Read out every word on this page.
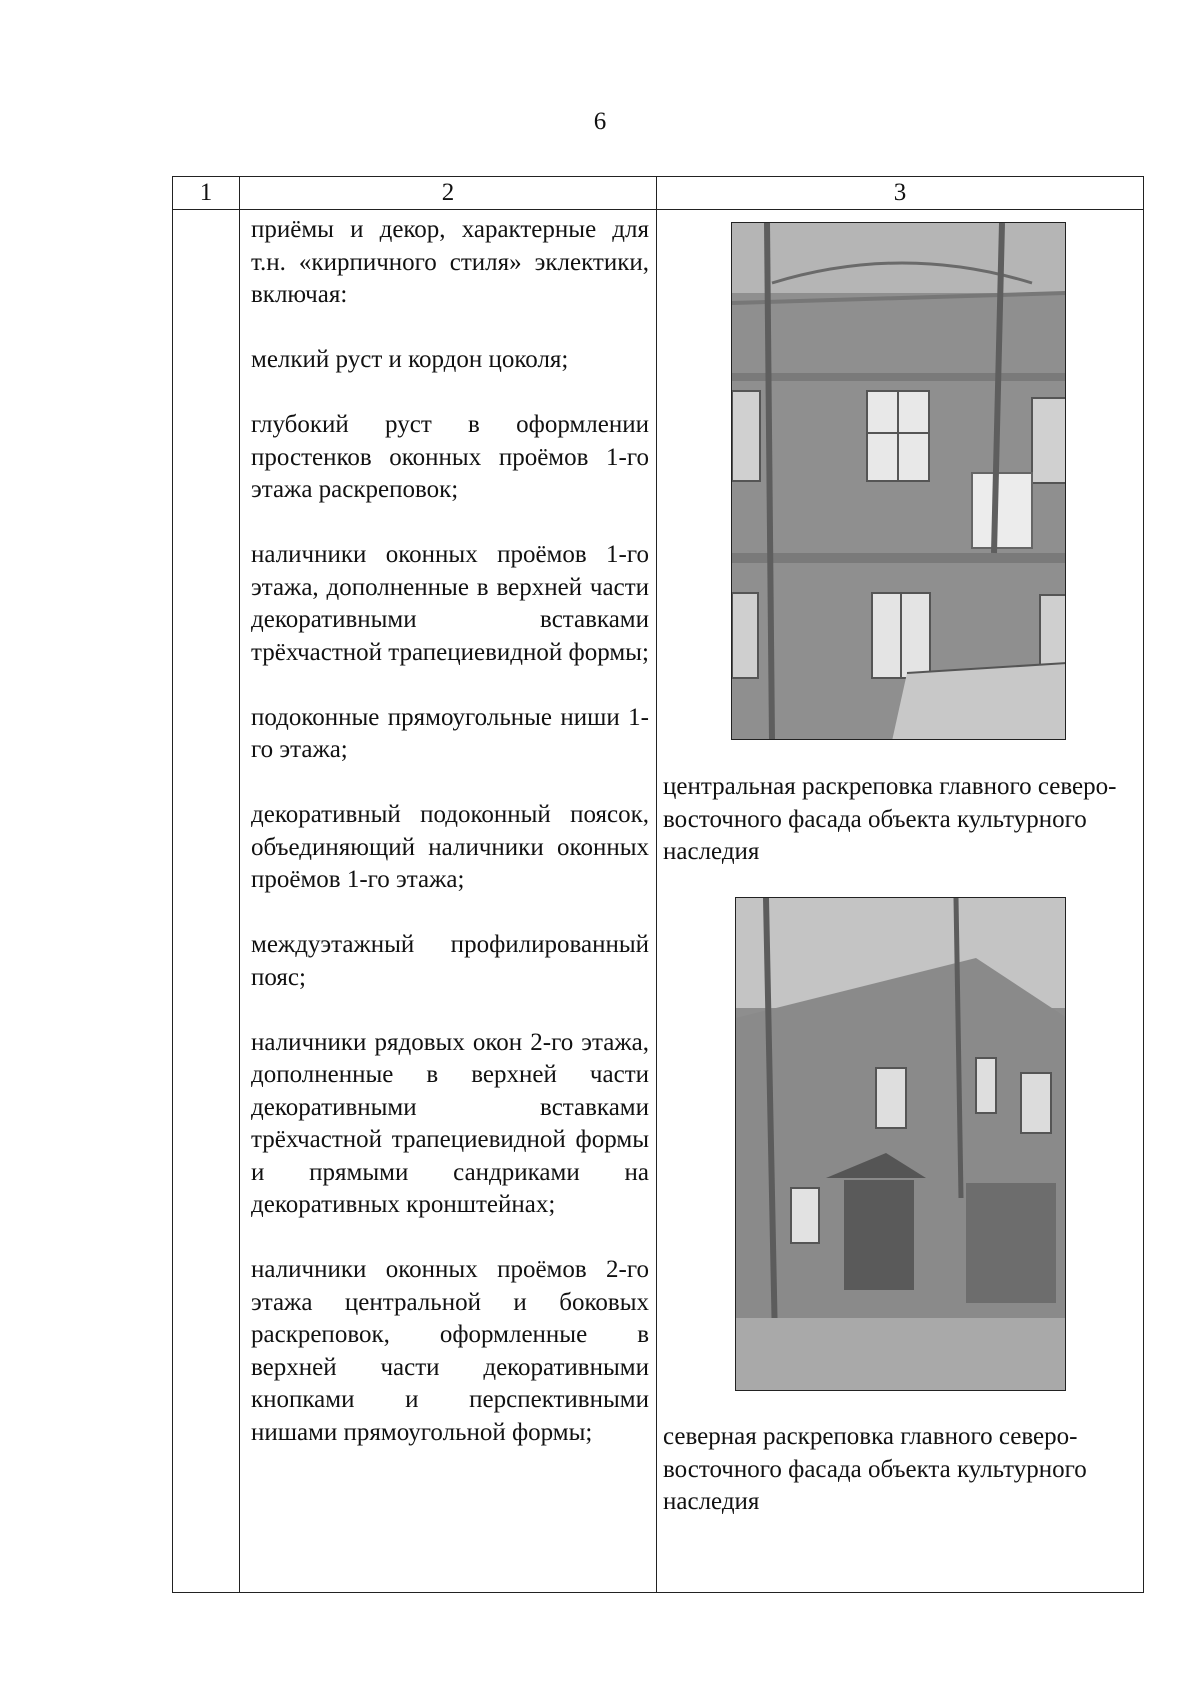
6
1	2	3

приёмы и декор, характерные для т.н. «кирпичного стиля» эклектики, включая:

мелкий руст и кордон цоколя;

глубокий руст в оформлении простенков оконных проёмов 1-го этажа раскреповок;

наличники оконных проёмов 1-го этажа, дополненные в верхней части декоративными вставками трёхчастной трапециевидной формы;

подоконные прямоугольные ниши 1-го этажа;

декоративный подоконный поясок, объединяющий наличники оконных проёмов 1-го этажа;

междуэтажный профилированный пояс;

наличники рядовых окон 2-го этажа, дополненные в верхней части декоративными вставками трёхчастной трапециевидной формы и прямыми сандриками на декоративных кронштейнах;

наличники оконных проёмов 2-го этажа центральной и боковых раскреповок, оформленные в верхней части декоративными кнопками и перспективными нишами прямоугольной формы;

центральная раскреповка главного северо-восточного фасада объекта культурного наследия
северная раскреповка главного северо-восточного фасада объекта культурного наследия
